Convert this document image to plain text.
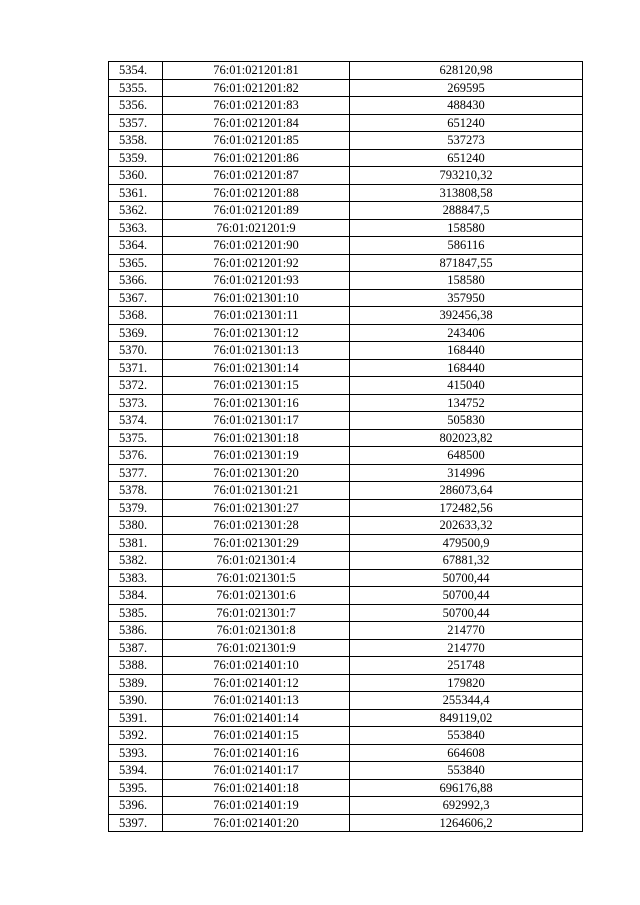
5354.	76:01:021201:81	628120,98
5355.	76:01:021201:82	269595
5356.	76:01:021201:83	488430
5357.	76:01:021201:84	651240
5358.	76:01:021201:85	537273
5359.	76:01:021201:86	651240
5360.	76:01:021201:87	793210,32
5361.	76:01:021201:88	313808,58
5362.	76:01:021201:89	288847,5
5363.	76:01:021201:9	158580
5364.	76:01:021201:90	586116
5365.	76:01:021201:92	871847,55
5366.	76:01:021201:93	158580
5367.	76:01:021301:10	357950
5368.	76:01:021301:11	392456,38
5369.	76:01:021301:12	243406
5370.	76:01:021301:13	168440
5371.	76:01:021301:14	168440
5372.	76:01:021301:15	415040
5373.	76:01:021301:16	134752
5374.	76:01:021301:17	505830
5375.	76:01:021301:18	802023,82
5376.	76:01:021301:19	648500
5377.	76:01:021301:20	314996
5378.	76:01:021301:21	286073,64
5379.	76:01:021301:27	172482,56
5380.	76:01:021301:28	202633,32
5381.	76:01:021301:29	479500,9
5382.	76:01:021301:4	67881,32
5383.	76:01:021301:5	50700,44
5384.	76:01:021301:6	50700,44
5385.	76:01:021301:7	50700,44
5386.	76:01:021301:8	214770
5387.	76:01:021301:9	214770
5388.	76:01:021401:10	251748
5389.	76:01:021401:12	179820
5390.	76:01:021401:13	255344,4
5391.	76:01:021401:14	849119,02
5392.	76:01:021401:15	553840
5393.	76:01:021401:16	664608
5394.	76:01:021401:17	553840
5395.	76:01:021401:18	696176,88
5396.	76:01:021401:19	692992,3
5397.	76:01:021401:20	1264606,2
